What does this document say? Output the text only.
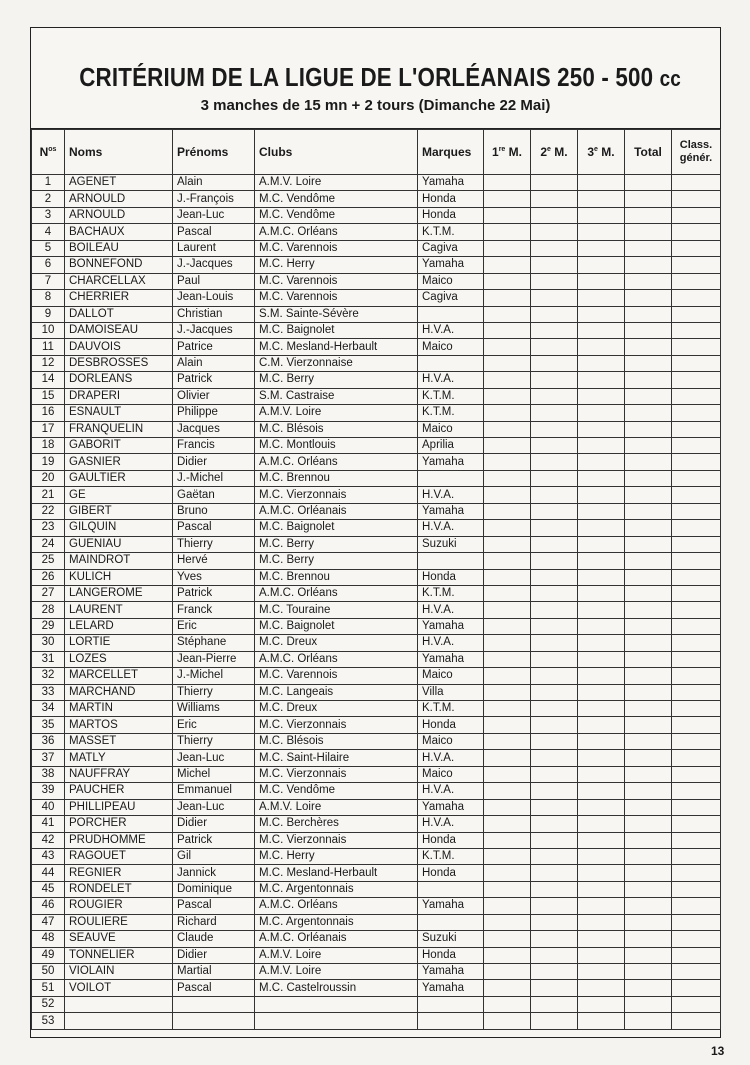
CRITÉRIUM DE LA LIGUE DE L'ORLÉANAIS 250 - 500 cc
3 manches de 15 mn + 2 tours (Dimanche 22 Mai)
$N^{os}$	Noms	Prénoms	Clubs	Marques	1re M.	2e M.	3e M.	Total	Class.
génér.
1	AGENET	Alain	A.M.V. Loire	Yamaha					
2	ARNOULD	J.-François	M.C. Vendôme	Honda					
3	ARNOULD	Jean-Luc	M.C. Vendôme	Honda					
4	BACHAUX	Pascal	A.M.C. Orléans	K.T.M.					
5	BOILEAU	Laurent	M.C. Varennois	Cagiva					
6	BONNEFOND	J.-Jacques	M.C. Herry	Yamaha					
7	CHARCELLAX	Paul	M.C. Varennois	Maico					
8	CHERRIER	Jean-Louis	M.C. Varennois	Cagiva					
9	DALLOT	Christian	S.M. Sainte-Sévère						
10	DAMOISEAU	J.-Jacques	M.C. Baignolet	H.V.A.					
11	DAUVOIS	Patrice	M.C. Mesland-Herbault	Maico					
12	DESBROSSES	Alain	C.M. Vierzonnaise						
14	DORLEANS	Patrick	M.C. Berry	H.V.A.					
15	DRAPERI	Olivier	S.M. Castraise	K.T.M.					
16	ESNAULT	Philippe	A.M.V. Loire	K.T.M.					
17	FRANQUELIN	Jacques	M.C. Blésois	Maico					
18	GABORIT	Francis	M.C. Montlouis	Aprilia					
19	GASNIER	Didier	A.M.C. Orléans	Yamaha					
20	GAULTIER	J.-Michel	M.C. Brennou						
21	GE	Gaëtan	M.C. Vierzonnais	H.V.A.					
22	GIBERT	Bruno	A.M.C. Orléanais	Yamaha					
23	GILQUIN	Pascal	M.C. Baignolet	H.V.A.					
24	GUENIAU	Thierry	M.C. Berry	Suzuki					
25	MAINDROT	Hervé	M.C. Berry						
26	KULICH	Yves	M.C. Brennou	Honda					
27	LANGEROME	Patrick	A.M.C. Orléans	K.T.M.					
28	LAURENT	Franck	M.C. Touraine	H.V.A.					
29	LELARD	Eric	M.C. Baignolet	Yamaha					
30	LORTIE	Stéphane	M.C. Dreux	H.V.A.					
31	LOZES	Jean-Pierre	A.M.C. Orléans	Yamaha					
32	MARCELLET	J.-Michel	M.C. Varennois	Maico					
33	MARCHAND	Thierry	M.C. Langeais	Villa					
34	MARTIN	Williams	M.C. Dreux	K.T.M.					
35	MARTOS	Eric	M.C. Vierzonnais	Honda					
36	MASSET	Thierry	M.C. Blésois	Maico					
37	MATLY	Jean-Luc	M.C. Saint-Hilaire	H.V.A.					
38	NAUFFRAY	Michel	M.C. Vierzonnais	Maico					
39	PAUCHER	Emmanuel	M.C. Vendôme	H.V.A.					
40	PHILLIPEAU	Jean-Luc	A.M.V. Loire	Yamaha					
41	PORCHER	Didier	M.C. Berchères	H.V.A.					
42	PRUDHOMME	Patrick	M.C. Vierzonnais	Honda					
43	RAGOUET	Gil	M.C. Herry	K.T.M.					
44	REGNIER	Jannick	M.C. Mesland-Herbault	Honda					
45	RONDELET	Dominique	M.C. Argentonnais						
46	ROUGIER	Pascal	A.M.C. Orléans	Yamaha					
47	ROULIERE	Richard	M.C. Argentonnais						
48	SEAUVE	Claude	A.M.C. Orléanais	Suzuki					
49	TONNELIER	Didier	A.M.V. Loire	Honda					
50	VIOLAIN	Martial	A.M.V. Loire	Yamaha					
51	VOILOT	Pascal	M.C. Castelroussin	Yamaha					
52									
53									
13
